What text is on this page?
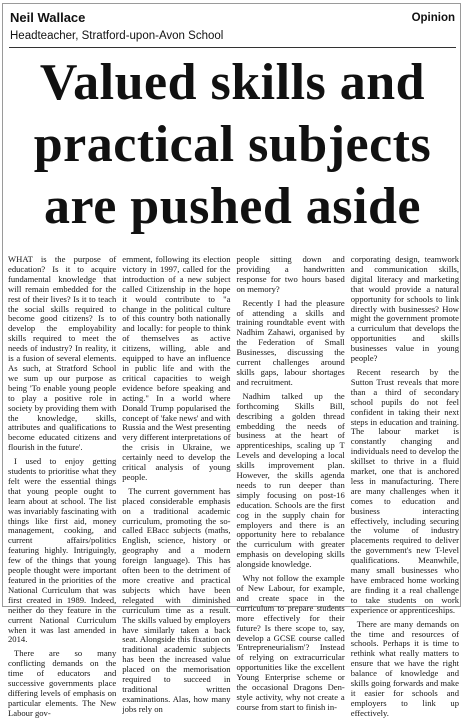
Neil Wallace	Opinion
Headteacher, Stratford-upon-Avon School
Valued skills and practical subjects are pushed aside

WHAT is the purpose of education? Is it to acquire fundamental knowledge that will remain embedded for the rest of their lives? Is it to teach the social skills required to become good citizens? Is to develop the employability skills required to meet the needs of industry? In reality, it is a fusion of several elements. As such, at Stratford School we sum up our purpose as being 'To enable young people to play a positive role in society by providing them with the knowledge, skills, attributes and qualifications to become educated citizens and flourish in the future'.

I used to enjoy getting students to prioritise what they felt were the essential things that young people ought to learn about at school. The list was invariably fascinating with things like first aid, money management, cooking, and current affairs/politics featuring highly. Intriguingly, few of the things that young people thought were important featured in the priorities of the National Curriculum that was first created in 1989. Indeed, neither do they feature in the current National Curriculum when it was last amended in 2014.

There are so many conflicting demands on the time of educators and successive governments place differing levels of emphasis on particular elements. The New Labour gov-

ernment, following its election victory in 1997, called for the introduction of a new subject called Citizenship in the hope it would contribute to "a change in the political culture of this country both nationally and locally: for people to think of themselves as active citizens, willing, able and equipped to have an influence in public life and with the critical capacities to weigh evidence before speaking and acting." In a world where Donald Trump popularised the concept of 'fake news' and with Russia and the West presenting very different interpretations of the crisis in Ukraine, we certainly need to develop the critical analysis of young people.

The current government has placed considerable emphasis on a traditional academic curriculum, promoting the so-called EBacc subjects (maths, English, science, history or geography and a modern foreign language). This has often been to the detriment of more creative and practical subjects which have been relegated with diminished curriculum time as a result. The skills valued by employers have similarly taken a back seat. Alongside this fixation on traditional academic subjects has been the increased value placed on the memorisation required to succeed in traditional written examinations. Alas, how many jobs rely on

people sitting down and providing a handwritten response for two hours based on memory?

Recently I had the pleasure of attending a skills and training roundtable event with Nadhim Zahawi, organised by the Federation of Small Businesses, discussing the current challenges around skills gaps, labour shortages and recruitment.

Nadhim talked up the forthcoming Skills Bill, describing a golden thread embedding the needs of business at the heart of apprenticeships, scaling up T Levels and developing a local skills improvement plan. However, the skills agenda needs to run deeper than simply focusing on post-16 education. Schools are the first cog in the supply chain for employers and there is an opportunity here to rebalance the curriculum with greater emphasis on developing skills alongside knowledge.

Why not follow the example of New Labour, for example, and create space in the curriculum to prepare students more effectively for their future? Is there scope to, say, develop a GCSE course called 'Entrepreneurialism'? Instead of relying on extracurricular opportunities like the excellent Young Enterprise scheme or the occasional Dragons Den-style activity, why not create a course from start to finish in-

corporating design, teamwork and communication skills, digital literacy and marketing that would provide a natural opportunity for schools to link directly with businesses? How might the government promote a curriculum that develops the opportunities and skills businesses value in young people?

Recent research by the Sutton Trust reveals that more than a third of secondary school pupils do not feel confident in taking their next steps in education and training. The labour market is constantly changing and individuals need to develop the skillset to thrive in a fluid market, one that is anchored less in manufacturing. There are many challenges when it comes to education and business interacting effectively, including securing the volume of industry placements required to deliver the government's new T-level qualifications. Meanwhile, many small businesses who have embraced home working are finding it a real challenge to take students on work experience or apprenticeships.

There are many demands on the time and resources of schools. Perhaps it is time to rethink what really matters to ensure that we have the right balance of knowledge and skills going forwards and make it easier for schools and employers to link up effectively.
